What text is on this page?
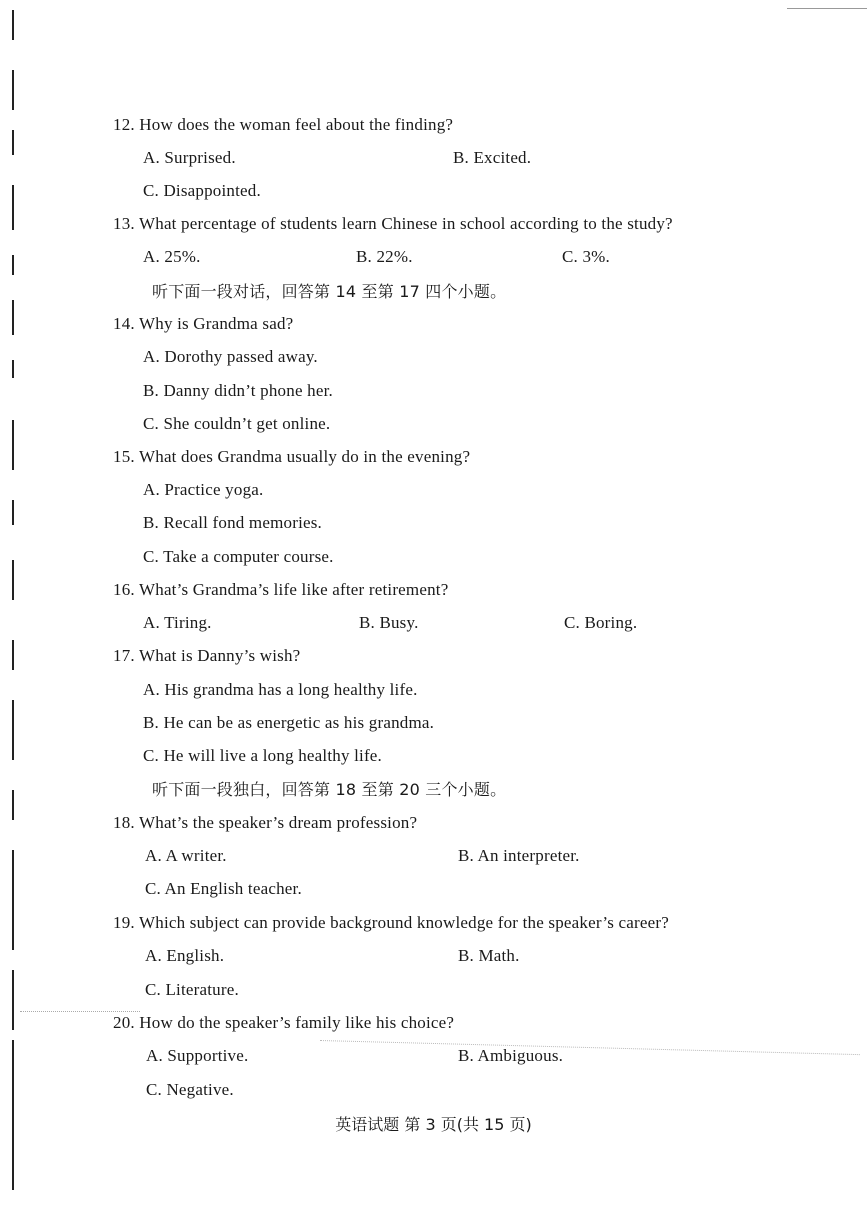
12. How does the woman feel about the finding?
A. Surprised.	B. Excited.
C. Disappointed.
13. What percentage of students learn Chinese in school according to the study?
A. 25%.	B. 22%.	C. 3%.
听下面一段对话，回答第 14 至第 17 四个小题。
14. Why is Grandma sad?
A. Dorothy passed away.
B. Danny didn’t phone her.
C. She couldn’t get online.
15. What does Grandma usually do in the evening?
A. Practice yoga.
B. Recall fond memories.
C. Take a computer course.
16. What’s Grandma’s life like after retirement?
A. Tiring.	B. Busy.	C. Boring.
17. What is Danny’s wish?
A. His grandma has a long healthy life.
B. He can be as energetic as his grandma.
C. He will live a long healthy life.
听下面一段独白，回答第 18 至第 20 三个小题。
18. What’s the speaker’s dream profession?
A. A writer.	B. An interpreter.
C. An English teacher.
19. Which subject can provide background knowledge for the speaker’s career?
A. English.	B. Math.
C. Literature.
20. How do the speaker’s family like his choice?
A. Supportive.	B. Ambiguous.
C. Negative.
英语试题 第 3 页(共 15 页)
